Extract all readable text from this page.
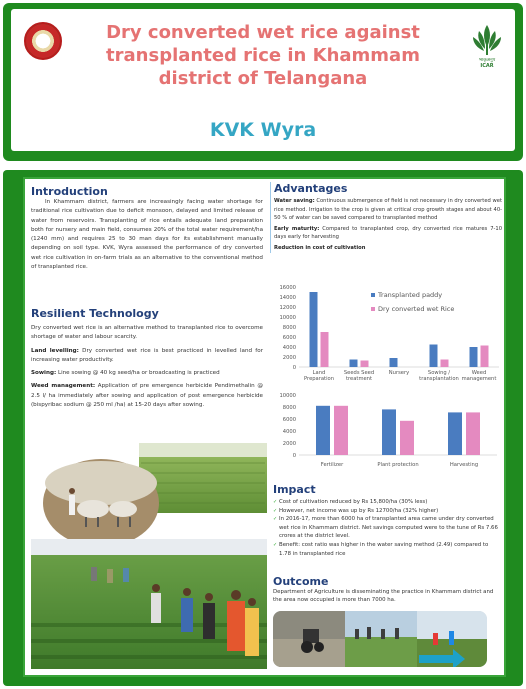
भाकृअनुप
ICAR
Dry converted wet rice against
transplanted rice in Khammam
district of Telangana
KVK Wyra
Introduction

In Khammam district, farmers are increasingly facing water shortage for traditional rice cultivation due to deficit monsoon, delayed and limited release of water from reservoirs. Transplanting of rice entails adequate land preparation both for nursery and main field, consumes 20% of the total water requirement/ha (1240 mm) and requires 25 to 30 man days for its establishment manually depending on soil type. KVK, Wyra assessed the performance of dry converted wet rice cultivation in on-farm trials as an alternative to the conventional method of transplanted rice.

Resilient Technology

Dry converted wet rice is an alternative method to transplanted rice to overcome shortage of water and labour scarcity.

Land levelling: Dry converted wet rice is best practiced in levelled land for increasing water productivity.

Sowing: Line sowing @ 40 kg seed/ha or broadcasting is practiced

Weed management: Application of pre emergence herbicide Pendimethalin @ 2.5 l/ ha immediately after sowing and application of post emergence herbicide (bispyribac sodium @ 250 ml /ha) at 15-20 days after sowing.

Advantages

Water saving: Continuous submergence of field is not necessary in dry converted wet rice method. Irrigation to the crop is given at critical crop growth stages and about 40-50 % of water can be saved compared to transplanted method

Early maturity: Compared to transplanted crop, dry converted rice matures 7-10 days early for harvesting

Reduction in cost of cultivation

0
2000
4000
6000
8000
10000
12000
14000
16000
Land
Preparation
Seeds Seed
treatment
Nursery	Sowing /
transplantation
Weed
management
Transplanted paddy
Dry converted wet Rice
0
2000
4000
6000
8000
10000
Fertilizer	Plant protection	Harvesting
Impact
✓ Cost of cultivation reduced by Rs 15,800/ha (30% less)
✓ However, net income was up by Rs 12700/ha (32% higher)
✓ In 2016-17, more than 6000 ha of transplanted area came under dry converted wet rice in Khammam district. Net savings computed were to the tune of Rs 7.66 crores at the district level.
✓ Benefit: cost ratio was higher in the water saving method (2.49) compared to 1.78 in transplanted rice
Outcome

Department of Agriculture is disseminating the practice in Khammam district and the area now occupied is more than 7000 ha.
